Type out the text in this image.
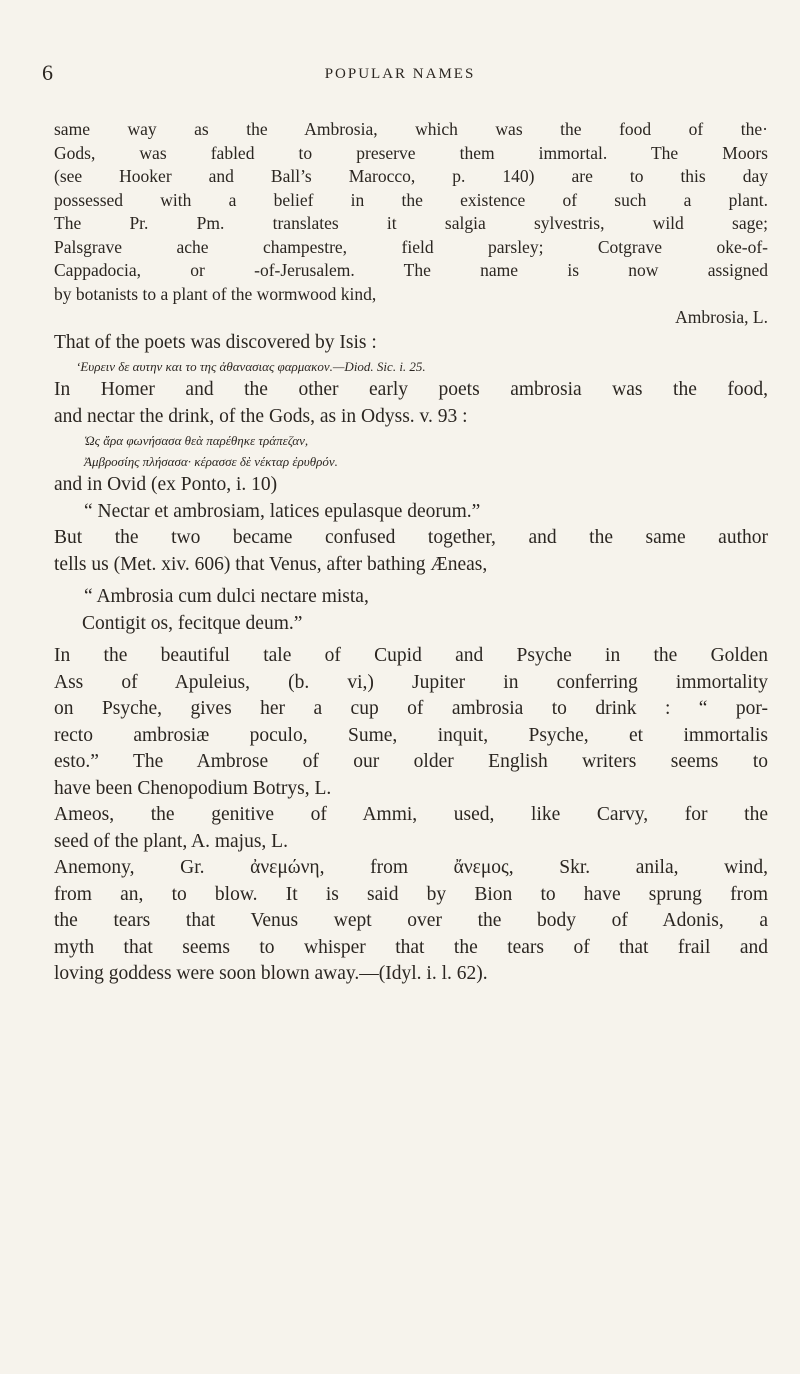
6	POPULAR NAMES
same way as the Ambrosia, which was the food of the·
Gods, was fabled to preserve them immortal. The Moors
(see Hooker and Ball’s Marocco, p. 140) are to this day
possessed with a belief in the existence of such a plant.
The Pr. Pm. translates it salgia sylvestris, wild sage;
Palsgrave ache champestre, field parsley; Cotgrave oke-of-
Cappadocia, or -of-Jerusalem. The name is now assigned
by botanists to a plant of the wormwood kind,
Ambrosia, L.
That of the poets was discovered by Isis :
‘Ευρειν δε αυτην και το της ἀθανασιας φαρμακον.—Diod. Sic. i. 25.
In Homer and the other early poets ambrosia was the food,
and nectar the drink, of the Gods, as in Odyss. v. 93 :
Ὡς ἄρα φωνήσασα θεὰ παρέθηκε τράπεζαν,
Ἀμβροσίης πλήσασα· κέρασσε δὲ νέκταρ ἐρυθρόν.
and in Ovid (ex Ponto, i. 10)
“ Nectar et ambrosiam, latices epulasque deorum.”
But the two became confused together, and the same author
tells us (Met. xiv. 606) that Venus, after bathing Æneas,
“ Ambrosia cum dulci nectare mista,
Contigit os, fecitque deum.”
In the beautiful tale of Cupid and Psyche in the Golden
Ass of Apuleius, (b. vi,) Jupiter in conferring immortality
on Psyche, gives her a cup of ambrosia to drink : “ por-
recto ambrosiæ poculo, Sume, inquit, Psyche, et immortalis
esto.” The Ambrose of our older English writers seems to
have been Chenopodium Botrys, L.
Ameos, the genitive of Ammi, used, like Carvy, for the
seed of the plant, A. majus, L.
Anemony, Gr. ἀνεμώνη, from ἄνεμος, Skr. anila, wind,
from an, to blow. It is said by Bion to have sprung from
the tears that Venus wept over the body of Adonis, a
myth that seems to whisper that the tears of that frail and
loving goddess were soon blown away.—(Idyl. i. l. 62).
